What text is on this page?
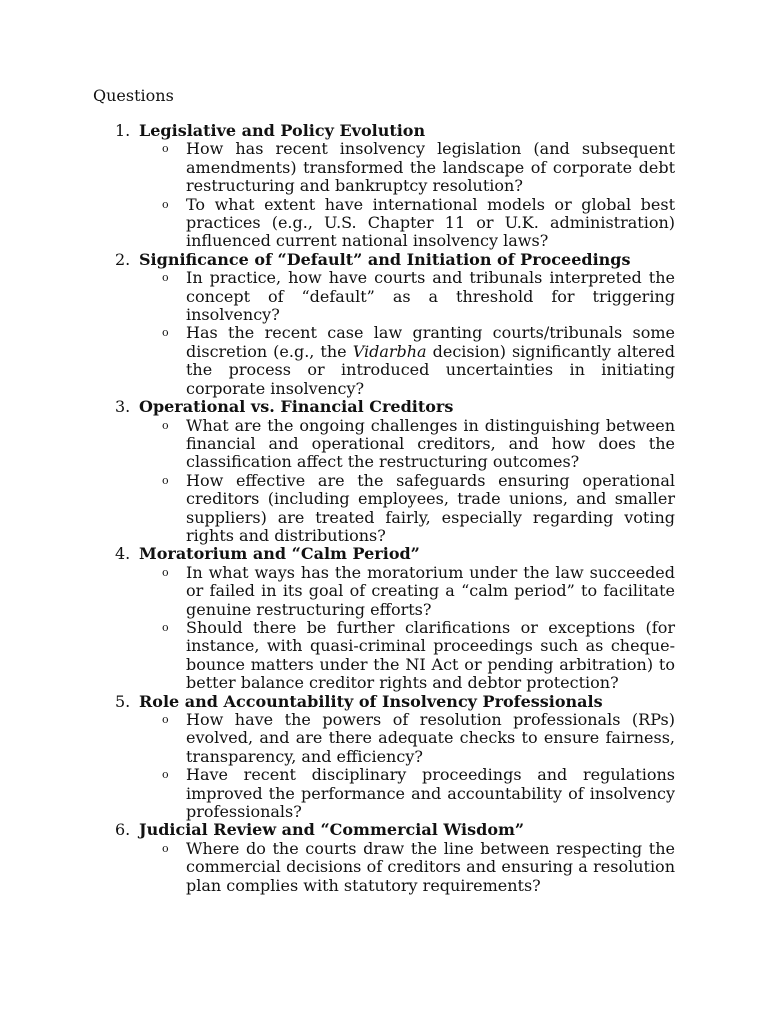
Questions
1. Legislative and Policy Evolution
o How has recent insolvency legislation (and subsequent amendments) transformed the landscape of corporate debt restructuring and bankruptcy resolution?
o To what extent have international models or global best practices (e.g., U.S. Chapter 11 or U.K. administration) influenced current national insolvency laws?
2. Significance of “Default” and Initiation of Proceedings
o In practice, how have courts and tribunals interpreted the concept of “default” as a threshold for triggering insolvency?
o Has the recent case law granting courts/tribunals some discretion (e.g., the Vidarbha decision) significantly altered the process or introduced uncertainties in initiating corporate insolvency?
3. Operational vs. Financial Creditors
o What are the ongoing challenges in distinguishing between financial and operational creditors, and how does the classification affect the restructuring outcomes?
o How effective are the safeguards ensuring operational creditors (including employees, trade unions, and smaller suppliers) are treated fairly, especially regarding voting rights and distributions?
4. Moratorium and “Calm Period”
o In what ways has the moratorium under the law succeeded or failed in its goal of creating a “calm period” to facilitate genuine restructuring efforts?
o Should there be further clarifications or exceptions (for instance, with quasi-criminal proceedings such as cheque-bounce matters under the NI Act or pending arbitration) to better balance creditor rights and debtor protection?
5. Role and Accountability of Insolvency Professionals
o How have the powers of resolution professionals (RPs) evolved, and are there adequate checks to ensure fairness, transparency, and efficiency?
o Have recent disciplinary proceedings and regulations improved the performance and accountability of insolvency professionals?
6. Judicial Review and “Commercial Wisdom”
o Where do the courts draw the line between respecting the commercial decisions of creditors and ensuring a resolution plan complies with statutory requirements?
